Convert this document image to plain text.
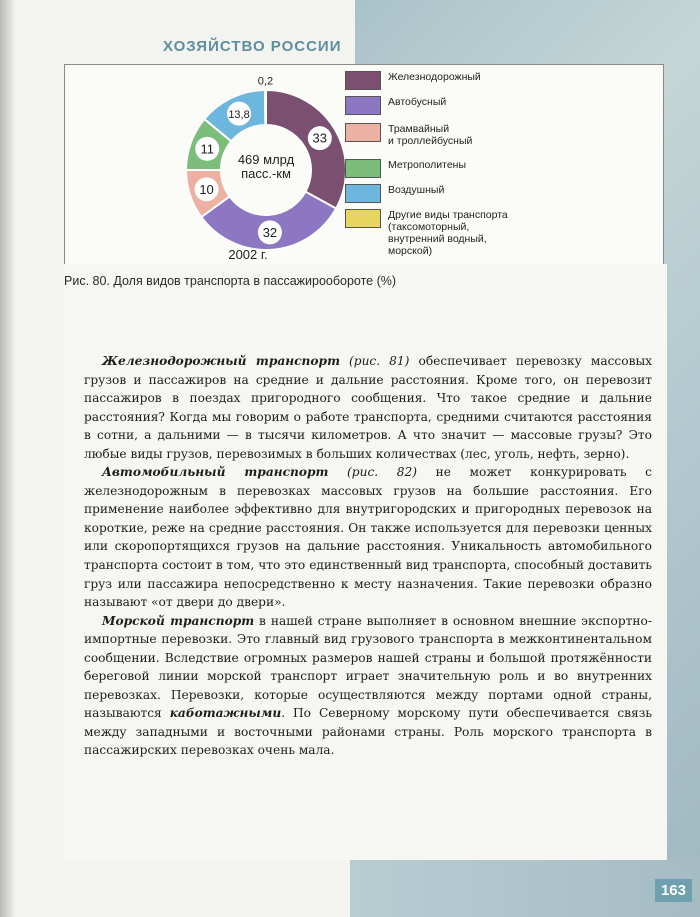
ХОЗЯЙСТВО РОССИИ
33
32
10
11
13,8
0,2
469 млрд
пасс.-км
2002 г.
Железнодорожный
Автобусный
Трамвайный
и троллейбусный
Метрополитены
Воздушный
Другие виды транспорта
(таксомоторный,
внутренний водный,
морской)
Рис. 80. Доля видов транспорта в пассажирообороте (%)

Железнодорожный транспорт (рис. 81) обеспечивает перевозку массовых грузов и пассажиров на средние и дальние расстояния. Кроме того, он перевозит пассажиров в поездах пригородного сообщения. Что такое средние и дальние расстояния? Когда мы говорим о работе транспорта, средними считаются расстояния в сотни, а дальними — в тысячи километров. А что значит — массовые грузы? Это любые виды грузов, перевозимых в больших количествах (лес, уголь, нефть, зерно).

Автомобильный транспорт (рис. 82) не может конкурировать с железнодорожным в перевозках массовых грузов на большие расстояния. Его применение наиболее эффективно для внутригородских и пригородных перевозок на короткие, реже на средние расстояния. Он также используется для перевозки ценных или скоропортящихся грузов на дальние расстояния. Уникальность автомобильного транспорта состоит в том, что это единственный вид транспорта, способный доставить груз или пассажира непосредственно к месту назначения. Такие перевозки образно называют «от двери до двери».

Морской транспорт в нашей стране выполняет в основном внешние экспортно-импортные перевозки. Это главный вид грузового транспорта в межконтинентальном сообщении. Вследствие огромных размеров нашей страны и большой протяжённости береговой линии морской транспорт играет значительную роль и во внутренних перевозках. Перевозки, которые осуществляются между портами одной страны, называются каботажными. По Северному морскому пути обеспечивается связь между западными и восточными районами страны. Роль морского транспорта в пассажирских перевозках очень мала.

163
